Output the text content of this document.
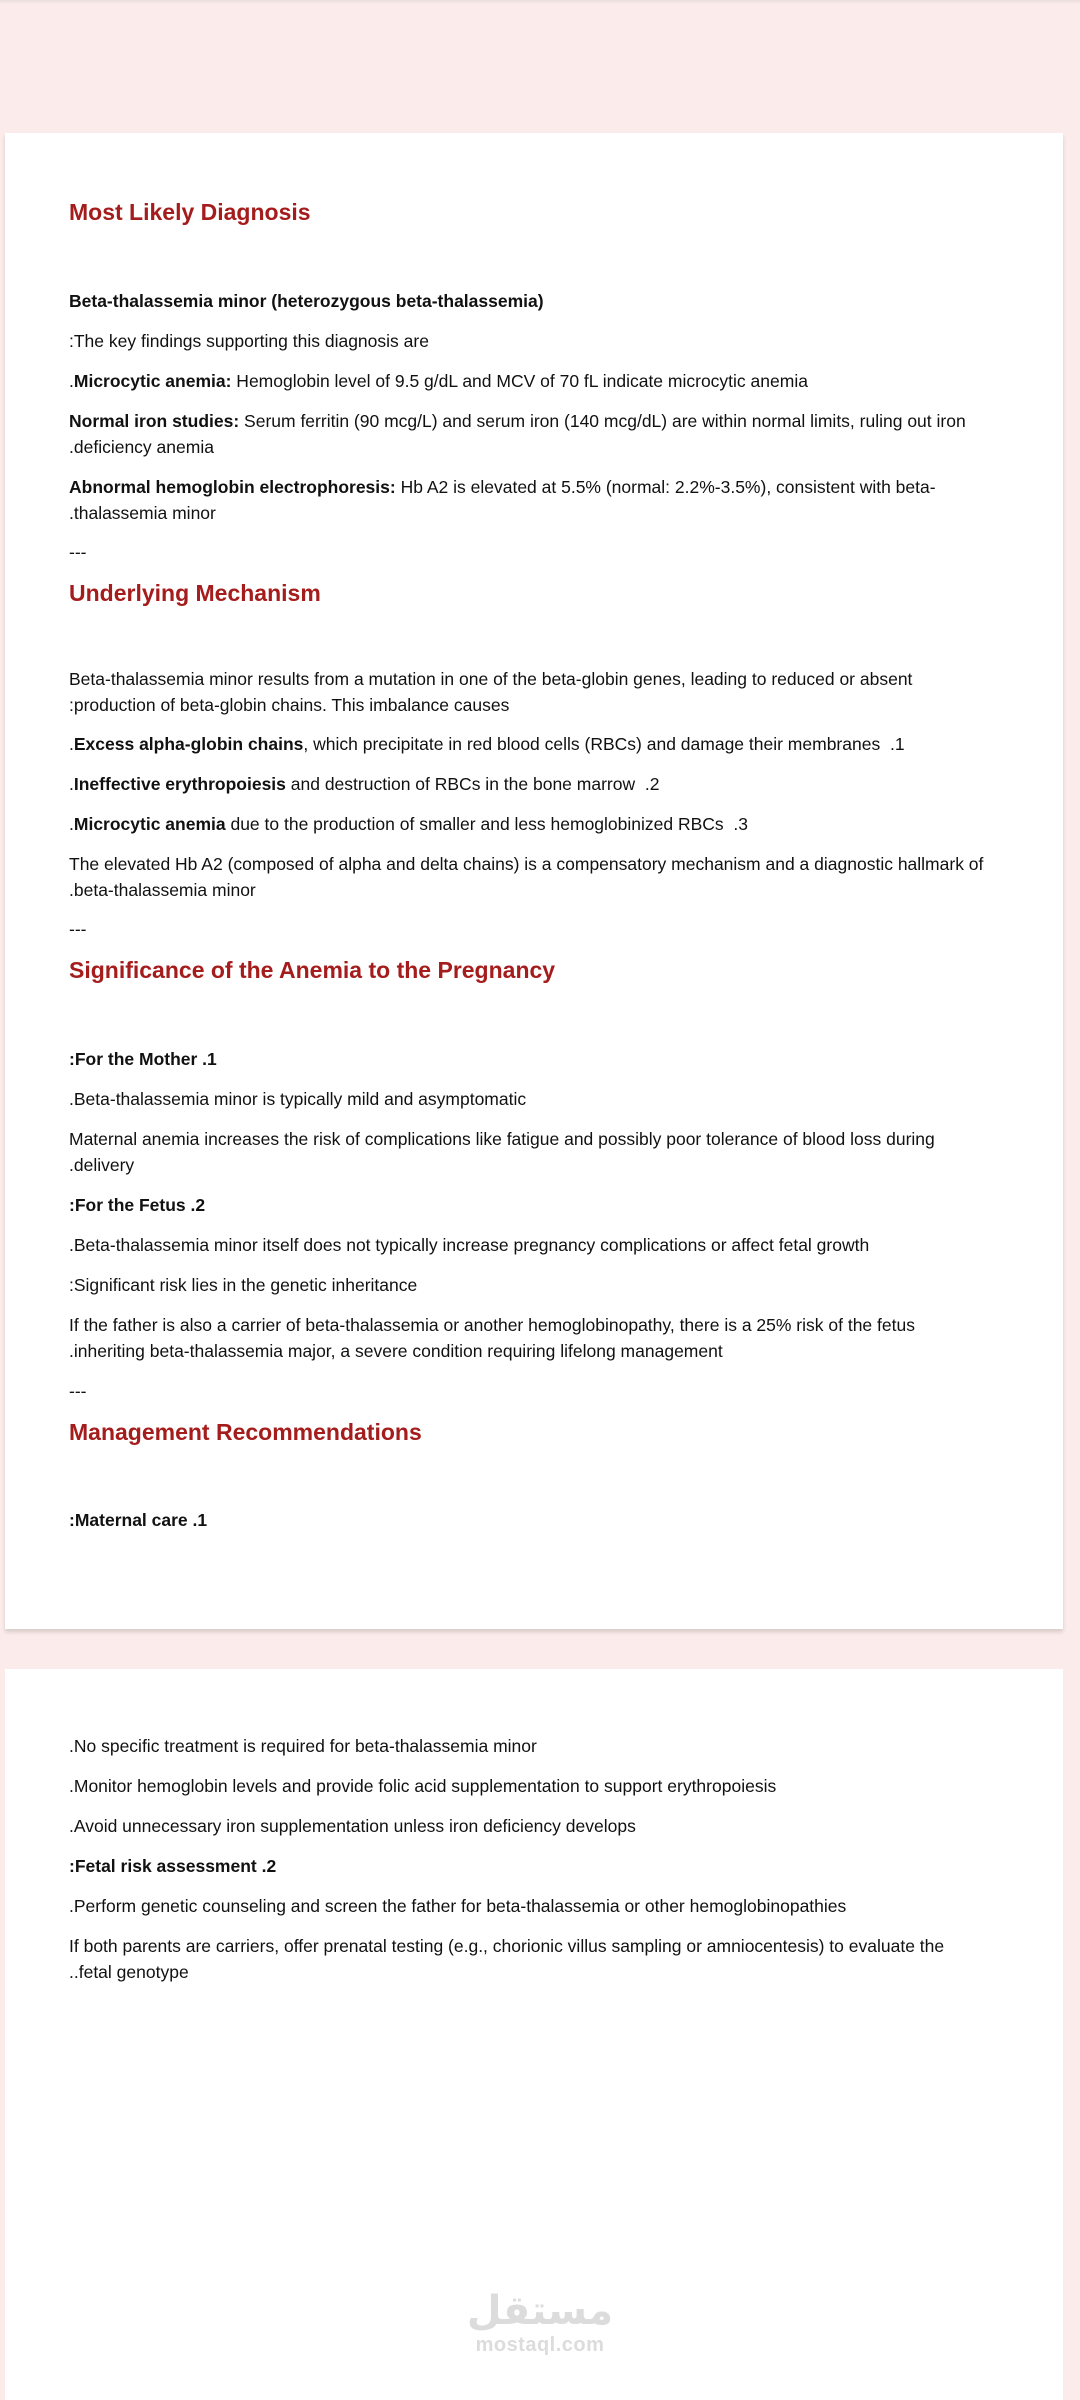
Most Likely Diagnosis

Beta-thalassemia minor (heterozygous beta-thalassemia)

:The key findings supporting this diagnosis are

.Microcytic anemia: Hemoglobin level of 9.5 g/dL and MCV of 70 fL indicate microcytic anemia

Normal iron studies: Serum ferritin (90 mcg/L) and serum iron (140 mcg/dL) are within normal limits, ruling out iron
.deficiency anemia

Abnormal hemoglobin electrophoresis: Hb A2 is elevated at 5.5% (normal: 2.2%-3.5%), consistent with beta-
.thalassemia minor

---

Underlying Mechanism

Beta-thalassemia minor results from a mutation in one of the beta-globin genes, leading to reduced or absent
:production of beta-globin chains. This imbalance causes

.Excess alpha-globin chains, which precipitate in red blood cells (RBCs) and damage their membranes .1

.Ineffective erythropoiesis and destruction of RBCs in the bone marrow .2

.Microcytic anemia due to the production of smaller and less hemoglobinized RBCs .3

The elevated Hb A2 (composed of alpha and delta chains) is a compensatory mechanism and a diagnostic hallmark of
.beta-thalassemia minor

---

Significance of the Anemia to the Pregnancy

:For the Mother .1

.Beta-thalassemia minor is typically mild and asymptomatic

Maternal anemia increases the risk of complications like fatigue and possibly poor tolerance of blood loss during
.delivery

:For the Fetus .2

.Beta-thalassemia minor itself does not typically increase pregnancy complications or affect fetal growth

:Significant risk lies in the genetic inheritance

If the father is also a carrier of beta-thalassemia or another hemoglobinopathy, there is a 25% risk of the fetus
.inheriting beta-thalassemia major, a severe condition requiring lifelong management

---

Management Recommendations

:Maternal care .1

.No specific treatment is required for beta-thalassemia minor

.Monitor hemoglobin levels and provide folic acid supplementation to support erythropoiesis

.Avoid unnecessary iron supplementation unless iron deficiency develops

:Fetal risk assessment .2

.Perform genetic counseling and screen the father for beta-thalassemia or other hemoglobinopathies

If both parents are carriers, offer prenatal testing (e.g., chorionic villus sampling or amniocentesis) to evaluate the
..fetal genotype

مستقل
mostaql.com
